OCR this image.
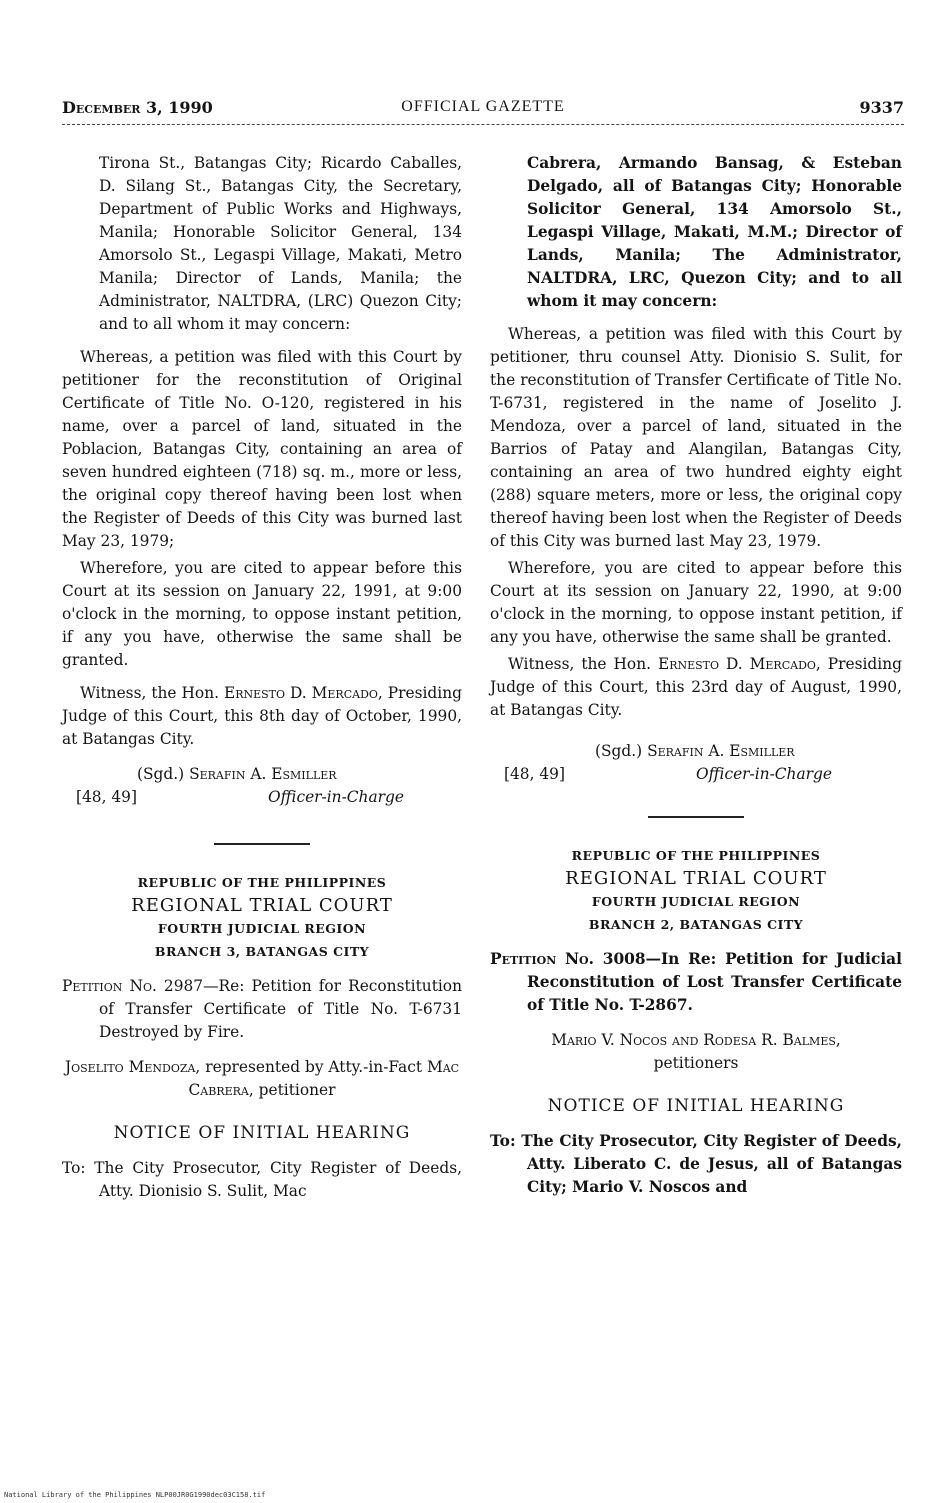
OFFICIAL GAZETTE
December 3, 1990	9337

Tirona St., Batangas City; Ricardo Caballes, D. Silang St., Batangas City, the Secretary, Department of Public Works and Highways, Manila; Honorable Solicitor General, 134 Amorsolo St., Legaspi Village, Makati, Metro Manila; Director of Lands, Manila; the Administrator, NALTDRA, (LRC) Quezon City; and to all whom it may concern:

Whereas, a petition was filed with this Court by petitioner for the reconstitution of Original Certificate of Title No. O-120, registered in his name, over a parcel of land, situated in the Poblacion, Batangas City, containing an area of seven hundred eighteen (718) sq. m., more or less, the original copy thereof having been lost when the Register of Deeds of this City was burned last May 23, 1979;

Wherefore, you are cited to appear before this Court at its session on January 22, 1991, at 9:00 o'clock in the morning, to oppose instant petition, if any you have, otherwise the same shall be granted.

Witness, the Hon. Ernesto D. Mercado, Presiding Judge of this Court, this 8th day of October, 1990, at Batangas City.

(Sgd.) Serafin A. Esmiller
[48, 49]	Officer-in-Charge
REPUBLIC OF THE PHILIPPINES
REGIONAL TRIAL COURT
FOURTH JUDICIAL REGION
BRANCH 3, BATANGAS CITY

Petition No. 2987—Re: Petition for Reconstitution of Transfer Certificate of Title No. T-6731 Destroyed by Fire.

Joselito Mendoza, represented by Atty.-in-Fact Mac Cabrera, petitioner

NOTICE OF INITIAL HEARING

To: The City Prosecutor, City Register of Deeds, Atty. Dionisio S. Sulit, Mac

Cabrera, Armando Bansag, & Esteban Delgado, all of Batangas City; Honorable Solicitor General, 134 Amorsolo St., Legaspi Village, Makati, M.M.; Director of Lands, Manila; The Administrator, NALTDRA, LRC, Quezon City; and to all whom it may concern:

Whereas, a petition was filed with this Court by petitioner, thru counsel Atty. Dionisio S. Sulit, for the reconstitution of Transfer Certificate of Title No. T-6731, registered in the name of Joselito J. Mendoza, over a parcel of land, situated in the Barrios of Patay and Alangilan, Batangas City, containing an area of two hundred eighty eight (288) square meters, more or less, the original copy thereof having been lost when the Register of Deeds of this City was burned last May 23, 1979.

Wherefore, you are cited to appear before this Court at its session on January 22, 1990, at 9:00 o'clock in the morning, to oppose instant petition, if any you have, otherwise the same shall be granted.

Witness, the Hon. Ernesto D. Mercado, Presiding Judge of this Court, this 23rd day of August, 1990, at Batangas City.

(Sgd.) Serafin A. Esmiller
[48, 49]	Officer-in-Charge
REPUBLIC OF THE PHILIPPINES
REGIONAL TRIAL COURT
FOURTH JUDICIAL REGION
BRANCH 2, BATANGAS CITY

Petition No. 3008—In Re: Petition for Judicial Reconstitution of Lost Transfer Certificate of Title No. T-2867.

Mario V. Nocos and Rodesa R. Balmes,
petitioners

NOTICE OF INITIAL HEARING

To: The City Prosecutor, City Register of Deeds, Atty. Liberato C. de Jesus, all of Batangas City; Mario V. Noscos and

National Library of the Philippines NLP00JR0G1990dec03C158.tif
